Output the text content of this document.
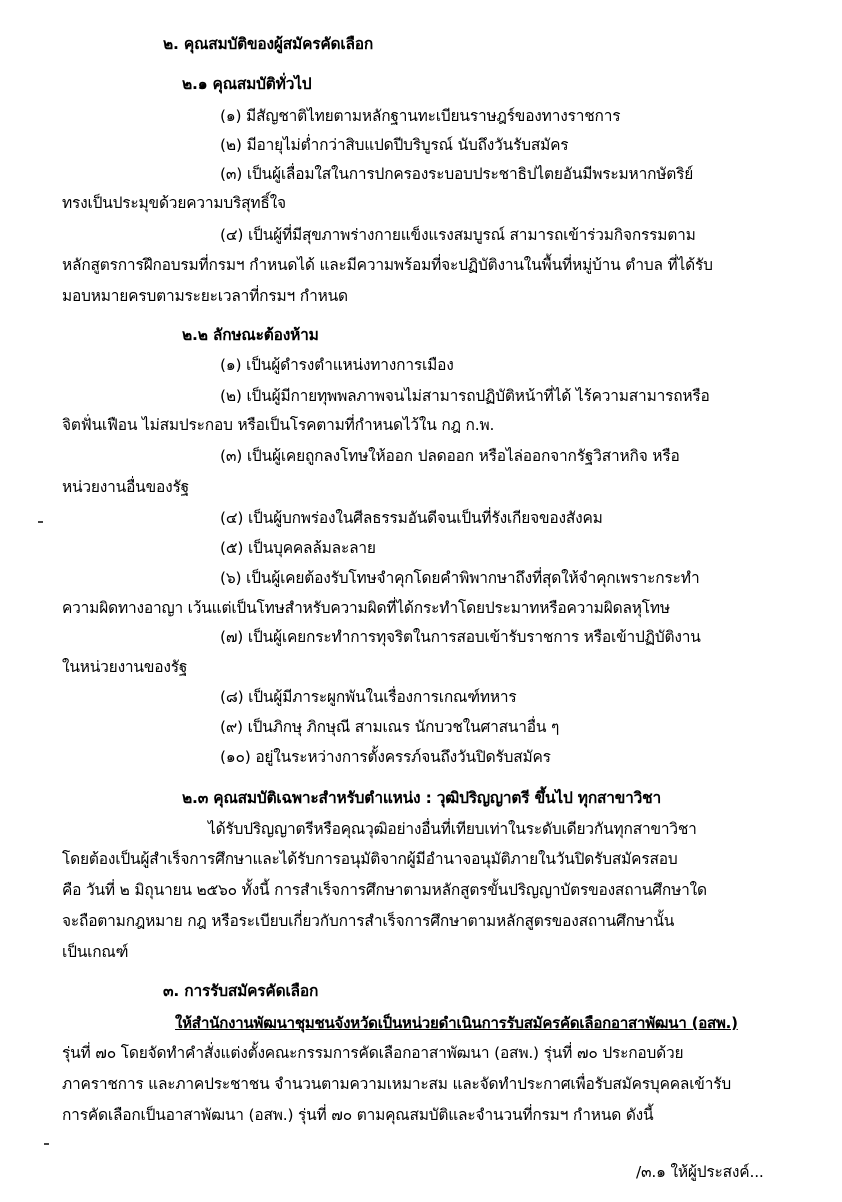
๒. คุณสมบัติของผู้สมัครคัดเลือก
๒.๑ คุณสมบัติทั่วไป
(๑) มีสัญชาติไทยตามหลักฐานทะเบียนราษฎร์ของทางราชการ
(๒) มีอายุไม่ต่ำกว่าสิบแปดปีบริบูรณ์ นับถึงวันรับสมัคร
(๓) เป็นผู้เลื่อมใสในการปกครองระบอบประชาธิปไตยอันมีพระมหากษัตริย์
ทรงเป็นประมุขด้วยความบริสุทธิ์ใจ
(๔) เป็นผู้ที่มีสุขภาพร่างกายแข็งแรงสมบูรณ์ สามารถเข้าร่วมกิจกรรมตาม
หลักสูตรการฝึกอบรมที่กรมฯ กำหนดได้ และมีความพร้อมที่จะปฏิบัติงานในพื้นที่หมู่บ้าน ตำบล ที่ได้รับ
มอบหมายครบตามระยะเวลาที่กรมฯ กำหนด
๒.๒ ลักษณะต้องห้าม
(๑) เป็นผู้ดำรงตำแหน่งทางการเมือง
(๒) เป็นผู้มีกายทุพพลภาพจนไม่สามารถปฏิบัติหน้าที่ได้ ไร้ความสามารถหรือ
จิตฟั่นเฟือน ไม่สมประกอบ หรือเป็นโรคตามที่กำหนดไว้ใน กฎ ก.พ.
(๓) เป็นผู้เคยถูกลงโทษให้ออก ปลดออก หรือไล่ออกจากรัฐวิสาหกิจ หรือ
หน่วยงานอื่นของรัฐ
(๔) เป็นผู้บกพร่องในศีลธรรมอันดีจนเป็นที่รังเกียจของสังคม
(๕) เป็นบุคคลล้มละลาย
(๖) เป็นผู้เคยต้องรับโทษจำคุกโดยคำพิพากษาถึงที่สุดให้จำคุกเพราะกระทำ
ความผิดทางอาญา เว้นแต่เป็นโทษสำหรับความผิดที่ได้กระทำโดยประมาทหรือความผิดลหุโทษ
(๗) เป็นผู้เคยกระทำการทุจริตในการสอบเข้ารับราชการ หรือเข้าปฏิบัติงาน
ในหน่วยงานของรัฐ
(๘) เป็นผู้มีภาระผูกพันในเรื่องการเกณฑ์ทหาร
(๙) เป็นภิกษุ ภิกษุณี สามเณร นักบวชในศาสนาอื่น ๆ
(๑๐) อยู่ในระหว่างการตั้งครรภ์จนถึงวันปิดรับสมัคร
๒.๓ คุณสมบัติเฉพาะสำหรับตำแหน่ง : วุฒิปริญญาตรี ขึ้นไป ทุกสาขาวิชา
ได้รับปริญญาตรีหรือคุณวุฒิอย่างอื่นที่เทียบเท่าในระดับเดียวกันทุกสาขาวิชา
โดยต้องเป็นผู้สำเร็จการศึกษาและได้รับการอนุมัติจากผู้มีอำนาจอนุมัติภายในวันปิดรับสมัครสอบ
คือ วันที่ ๒ มิถุนายน ๒๕๖๐ ทั้งนี้ การสำเร็จการศึกษาตามหลักสูตรขั้นปริญญาบัตรของสถานศึกษาใด
จะถือตามกฎหมาย กฎ หรือระเบียบเกี่ยวกับการสำเร็จการศึกษาตามหลักสูตรของสถานศึกษานั้น
เป็นเกณฑ์
๓. การรับสมัครคัดเลือก
ให้สำนักงานพัฒนาชุมชนจังหวัดเป็นหน่วยดำเนินการรับสมัครคัดเลือกอาสาพัฒนา (อสพ.)
รุ่นที่ ๗๐ โดยจัดทำคำสั่งแต่งตั้งคณะกรรมการคัดเลือกอาสาพัฒนา (อสพ.) รุ่นที่ ๗๐ ประกอบด้วย
ภาคราชการ และภาคประชาชน จำนวนตามความเหมาะสม และจัดทำประกาศเพื่อรับสมัครบุคคลเข้ารับ
การคัดเลือกเป็นอาสาพัฒนา (อสพ.) รุ่นที่ ๗๐ ตามคุณสมบัติและจำนวนที่กรมฯ กำหนด ดังนี้
/๓.๑ ให้ผู้ประสงค์...
